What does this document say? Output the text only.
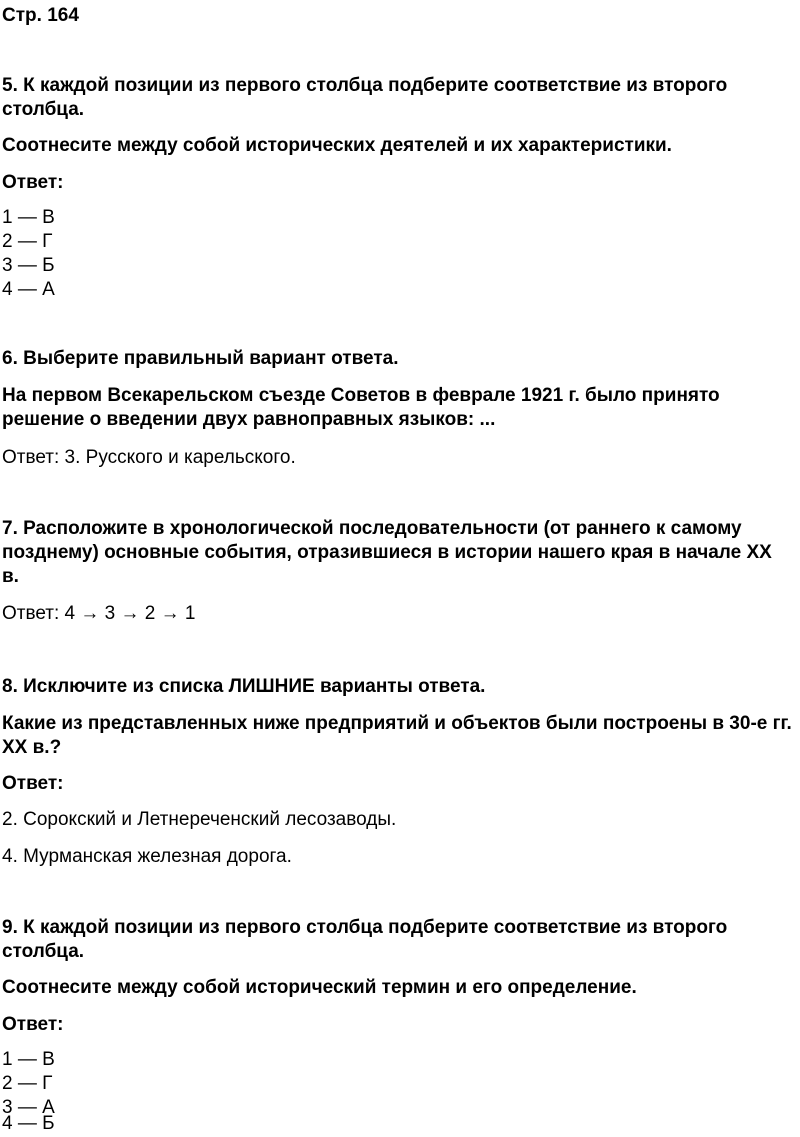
Стр. 164
5. К каждой позиции из первого столбца подберите соответствие из второго столбца.
Соотнесите между собой исторических деятелей и их характеристики.
Ответ:
1 — В
2 — Г
3 — Б
4 — А
6. Выберите правильный вариант ответа.
На первом Всекарельском съезде Советов в феврале 1921 г. было принято решение о введении двух равноправных языков: ...
Ответ: 3. Русского и карельского.
7. Расположите в хронологической последовательности (от раннего к самому позднему) основные события, отразившиеся в истории нашего края в начале XX в.
Ответ: 4 → 3 → 2 → 1
8. Исключите из списка ЛИШНИЕ варианты ответа.
Какие из представленных ниже предприятий и объектов были построены в 30-е гг. XX в.?
Ответ:
2. Сорокский и Летнереченский лесозаводы.
4. Мурманская железная дорога.
9. К каждой позиции из первого столбца подберите соответствие из второго столбца.
Соотнесите между собой исторический термин и его определение.
Ответ:
1 — В
2 — Г
3 — А
4 — Б
